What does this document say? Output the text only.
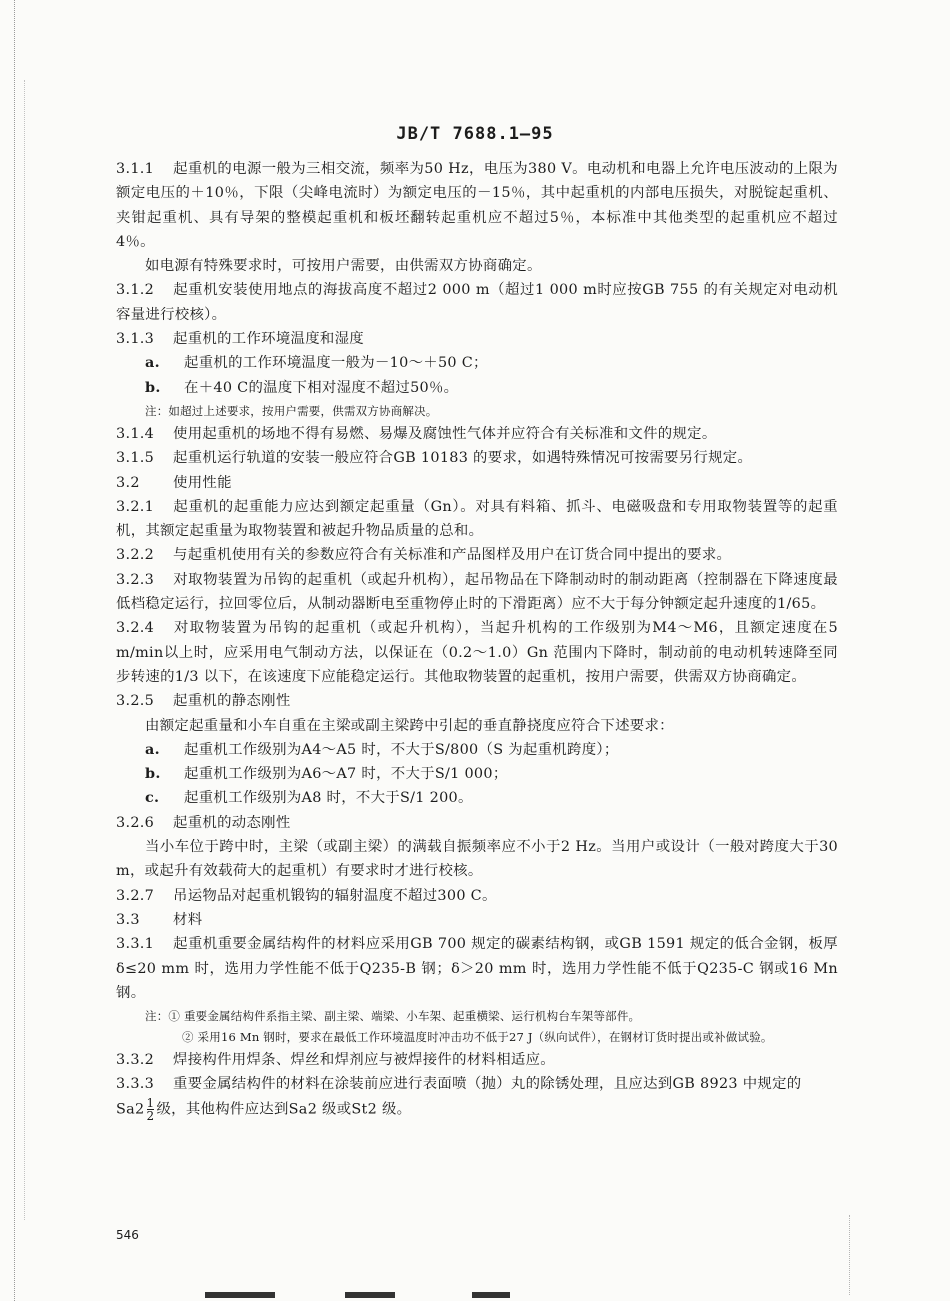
JB/T 7688.1—95

3.1.1 起重机的电源一般为三相交流，频率为50 Hz，电压为380 V。电动机和电器上允许电压波动的上限为额定电压的＋10％，下限（尖峰电流时）为额定电压的－15％，其中起重机的内部电压损失，对脱锭起重机、夹钳起重机、具有导架的整模起重机和板坯翻转起重机应不超过5％，本标准中其他类型的起重机应不超过4％。

如电源有特殊要求时，可按用户需要，由供需双方协商确定。

3.1.2 起重机安装使用地点的海拔高度不超过2 000 m（超过1 000 m时应按GB 755 的有关规定对电动机容量进行校核）。

3.1.3 起重机的工作环境温度和湿度

a. 起重机的工作环境温度一般为－10～＋50 C；

b. 在＋40 C的温度下相对湿度不超过50％。

注：如超过上述要求，按用户需要，供需双方协商解决。

3.1.4 使用起重机的场地不得有易燃、易爆及腐蚀性气体并应符合有关标准和文件的规定。

3.1.5 起重机运行轨道的安装一般应符合GB 10183 的要求，如遇特殊情况可按需要另行规定。

3.2 使用性能

3.2.1 起重机的起重能力应达到额定起重量（Gn）。对具有料箱、抓斗、电磁吸盘和专用取物装置等的起重机，其额定起重量为取物装置和被起升物品质量的总和。

3.2.2 与起重机使用有关的参数应符合有关标准和产品图样及用户在订货合同中提出的要求。

3.2.3 对取物装置为吊钩的起重机（或起升机构），起吊物品在下降制动时的制动距离（控制器在下降速度最低档稳定运行，拉回零位后，从制动器断电至重物停止时的下滑距离）应不大于每分钟额定起升速度的1/65。

3.2.4 对取物装置为吊钩的起重机（或起升机构），当起升机构的工作级别为M4～M6，且额定速度在5 m/min以上时，应采用电气制动方法，以保证在（0.2～1.0）Gn 范围内下降时，制动前的电动机转速降至同步转速的1/3 以下，在该速度下应能稳定运行。其他取物装置的起重机，按用户需要，供需双方协商确定。

3.2.5 起重机的静态刚性

由额定起重量和小车自重在主梁或副主梁跨中引起的垂直静挠度应符合下述要求：

a. 起重机工作级别为A4～A5 时，不大于S/800（S 为起重机跨度）；

b. 起重机工作级别为A6～A7 时，不大于S/1 000；

c. 起重机工作级别为A8 时，不大于S/1 200。

3.2.6 起重机的动态刚性

当小车位于跨中时，主梁（或副主梁）的满载自振频率应不小于2 Hz。当用户或设计（一般对跨度大于30 m，或起升有效载荷大的起重机）有要求时才进行校核。

3.2.7 吊运物品对起重机锻钩的辐射温度不超过300 C。

3.3 材料

3.3.1 起重机重要金属结构件的材料应采用GB 700 规定的碳素结构钢，或GB 1591 规定的低合金钢，板厚δ≤20 mm 时，选用力学性能不低于Q235-B 钢；δ＞20 mm 时，选用力学性能不低于Q235-C 钢或16 Mn 钢。

注：① 重要金属结构件系指主梁、副主梁、端梁、小车架、起重横梁、运行机构台车架等部件。

② 采用16 Mn 钢时，要求在最低工作环境温度时冲击功不低于27 J（纵向试件），在钢材订货时提出或补做试验。

3.3.2 焊接构件用焊条、焊丝和焊剂应与被焊接件的材料相适应。

3.3.3 重要金属结构件的材料在涂装前应进行表面喷（抛）丸的除锈处理，且应达到GB 8923 中规定的

$Sa2 \frac{1}{2}$ 级，其他构件应达到Sa2 级或St2 级。

546
